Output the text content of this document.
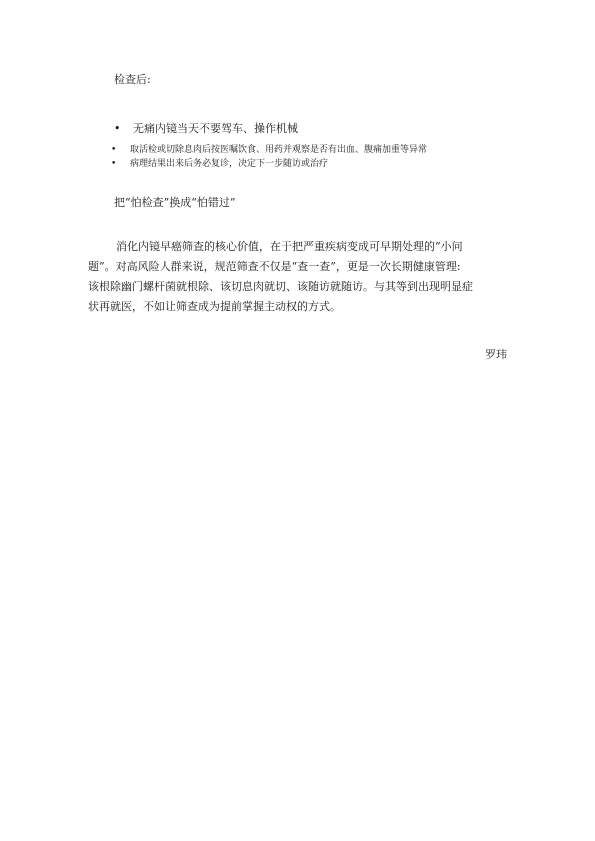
检查后:
• 无痛内镜当天不要驾车、操作机械
• 取活检或切除息肉后按医嘱饮食、用药并观察是否有出血、腹痛加重等异常
• 病理结果出来后务必复诊，决定下一步随访或治疗
把“怕检查”换成“怕错过”
消化内镜早癌筛查的核心价值，在于把严重疾病变成可早期处理的“小问
题”。对高风险人群来说，规范筛查不仅是“查一查”，更是一次长期健康管理:
该根除幽门螺杆菌就根除、该切息肉就切、该随访就随访。与其等到出现明显症
状再就医，不如让筛查成为提前掌握主动权的方式。
罗玮
